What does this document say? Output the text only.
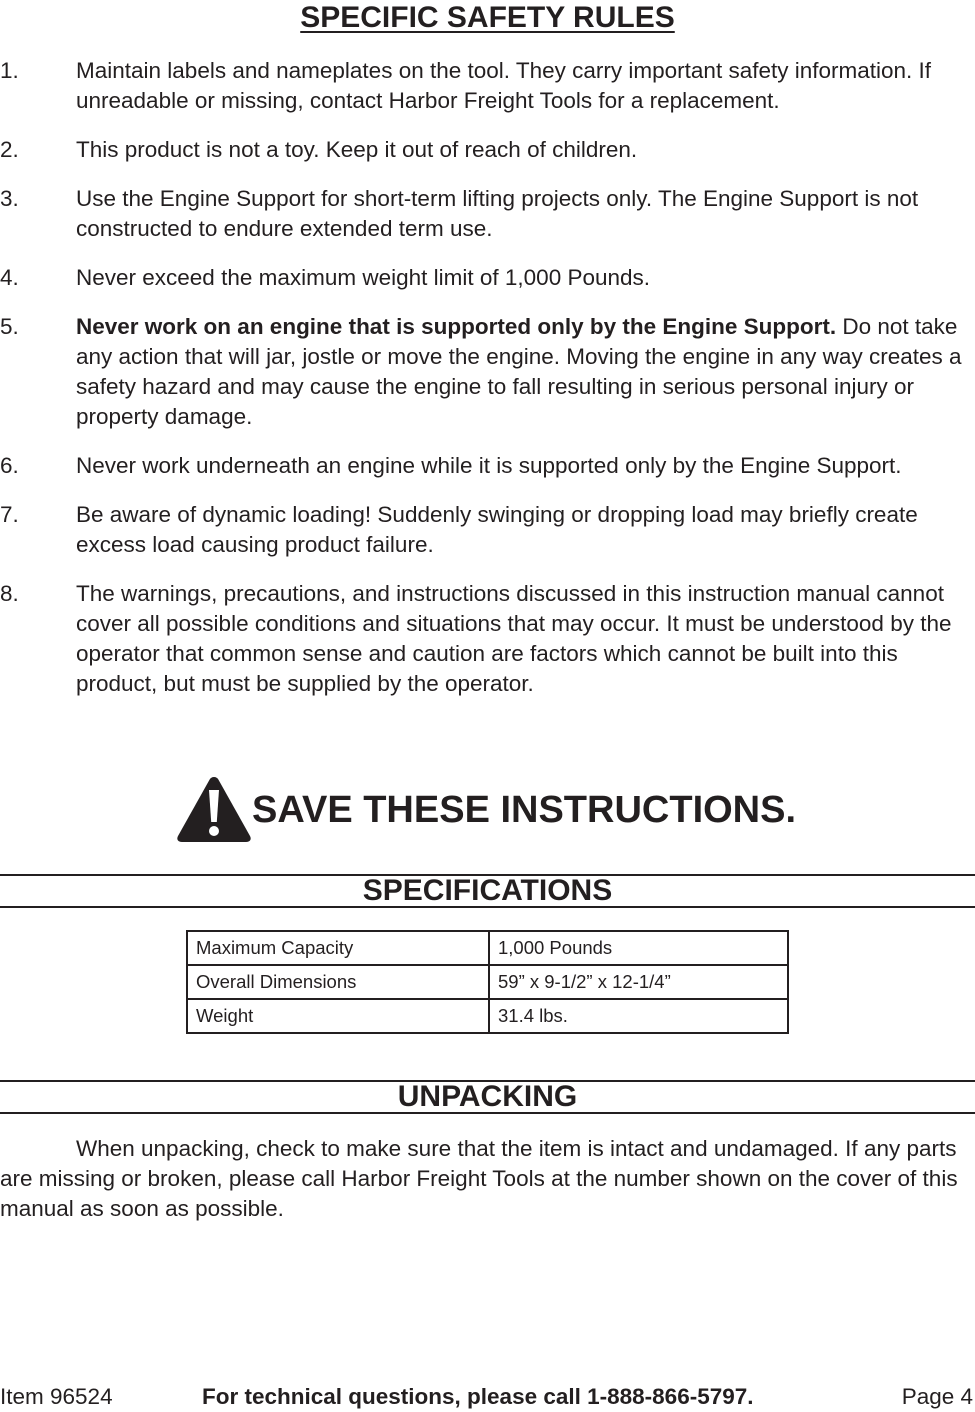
SPECIFIC SAFETY RULES
1.	Maintain labels and nameplates on the tool. They carry important safety information. If unreadable or missing, contact Harbor Freight Tools for a replacement.
2.	This product is not a toy. Keep it out of reach of children.
3.	Use the Engine Support for short-term lifting projects only. The Engine Support is not constructed to endure extended term use.
4.	Never exceed the maximum weight limit of 1,000 Pounds.
5.	Never work on an engine that is supported only by the Engine Support. Do not take any action that will jar, jostle or move the engine. Moving the engine in any way creates a safety hazard and may cause the engine to fall resulting in serious personal injury or property damage.
6.	Never work underneath an engine while it is supported only by the Engine Support.
7.	Be aware of dynamic loading! Suddenly swinging or dropping load may briefly create excess load causing product failure.
8.	The warnings, precautions, and instructions discussed in this instruction manual cannot cover all possible conditions and situations that may occur. It must be understood by the operator that common sense and caution are factors which cannot be built into this product, but must be supplied by the operator.
SAVE THESE INSTRUCTIONS.
SPECIFICATIONS
Maximum Capacity	1,000 Pounds
Overall Dimensions	59” x 9-1/2” x 12-1/4”
Weight	31.4 lbs.
UNPACKING

When unpacking, check to make sure that the item is intact and undamaged. If any parts are missing or broken, please call Harbor Freight Tools at the number shown on the cover of this manual as soon as possible.

Item 96524	For technical questions, please call 1-888-866-5797.	Page 4
